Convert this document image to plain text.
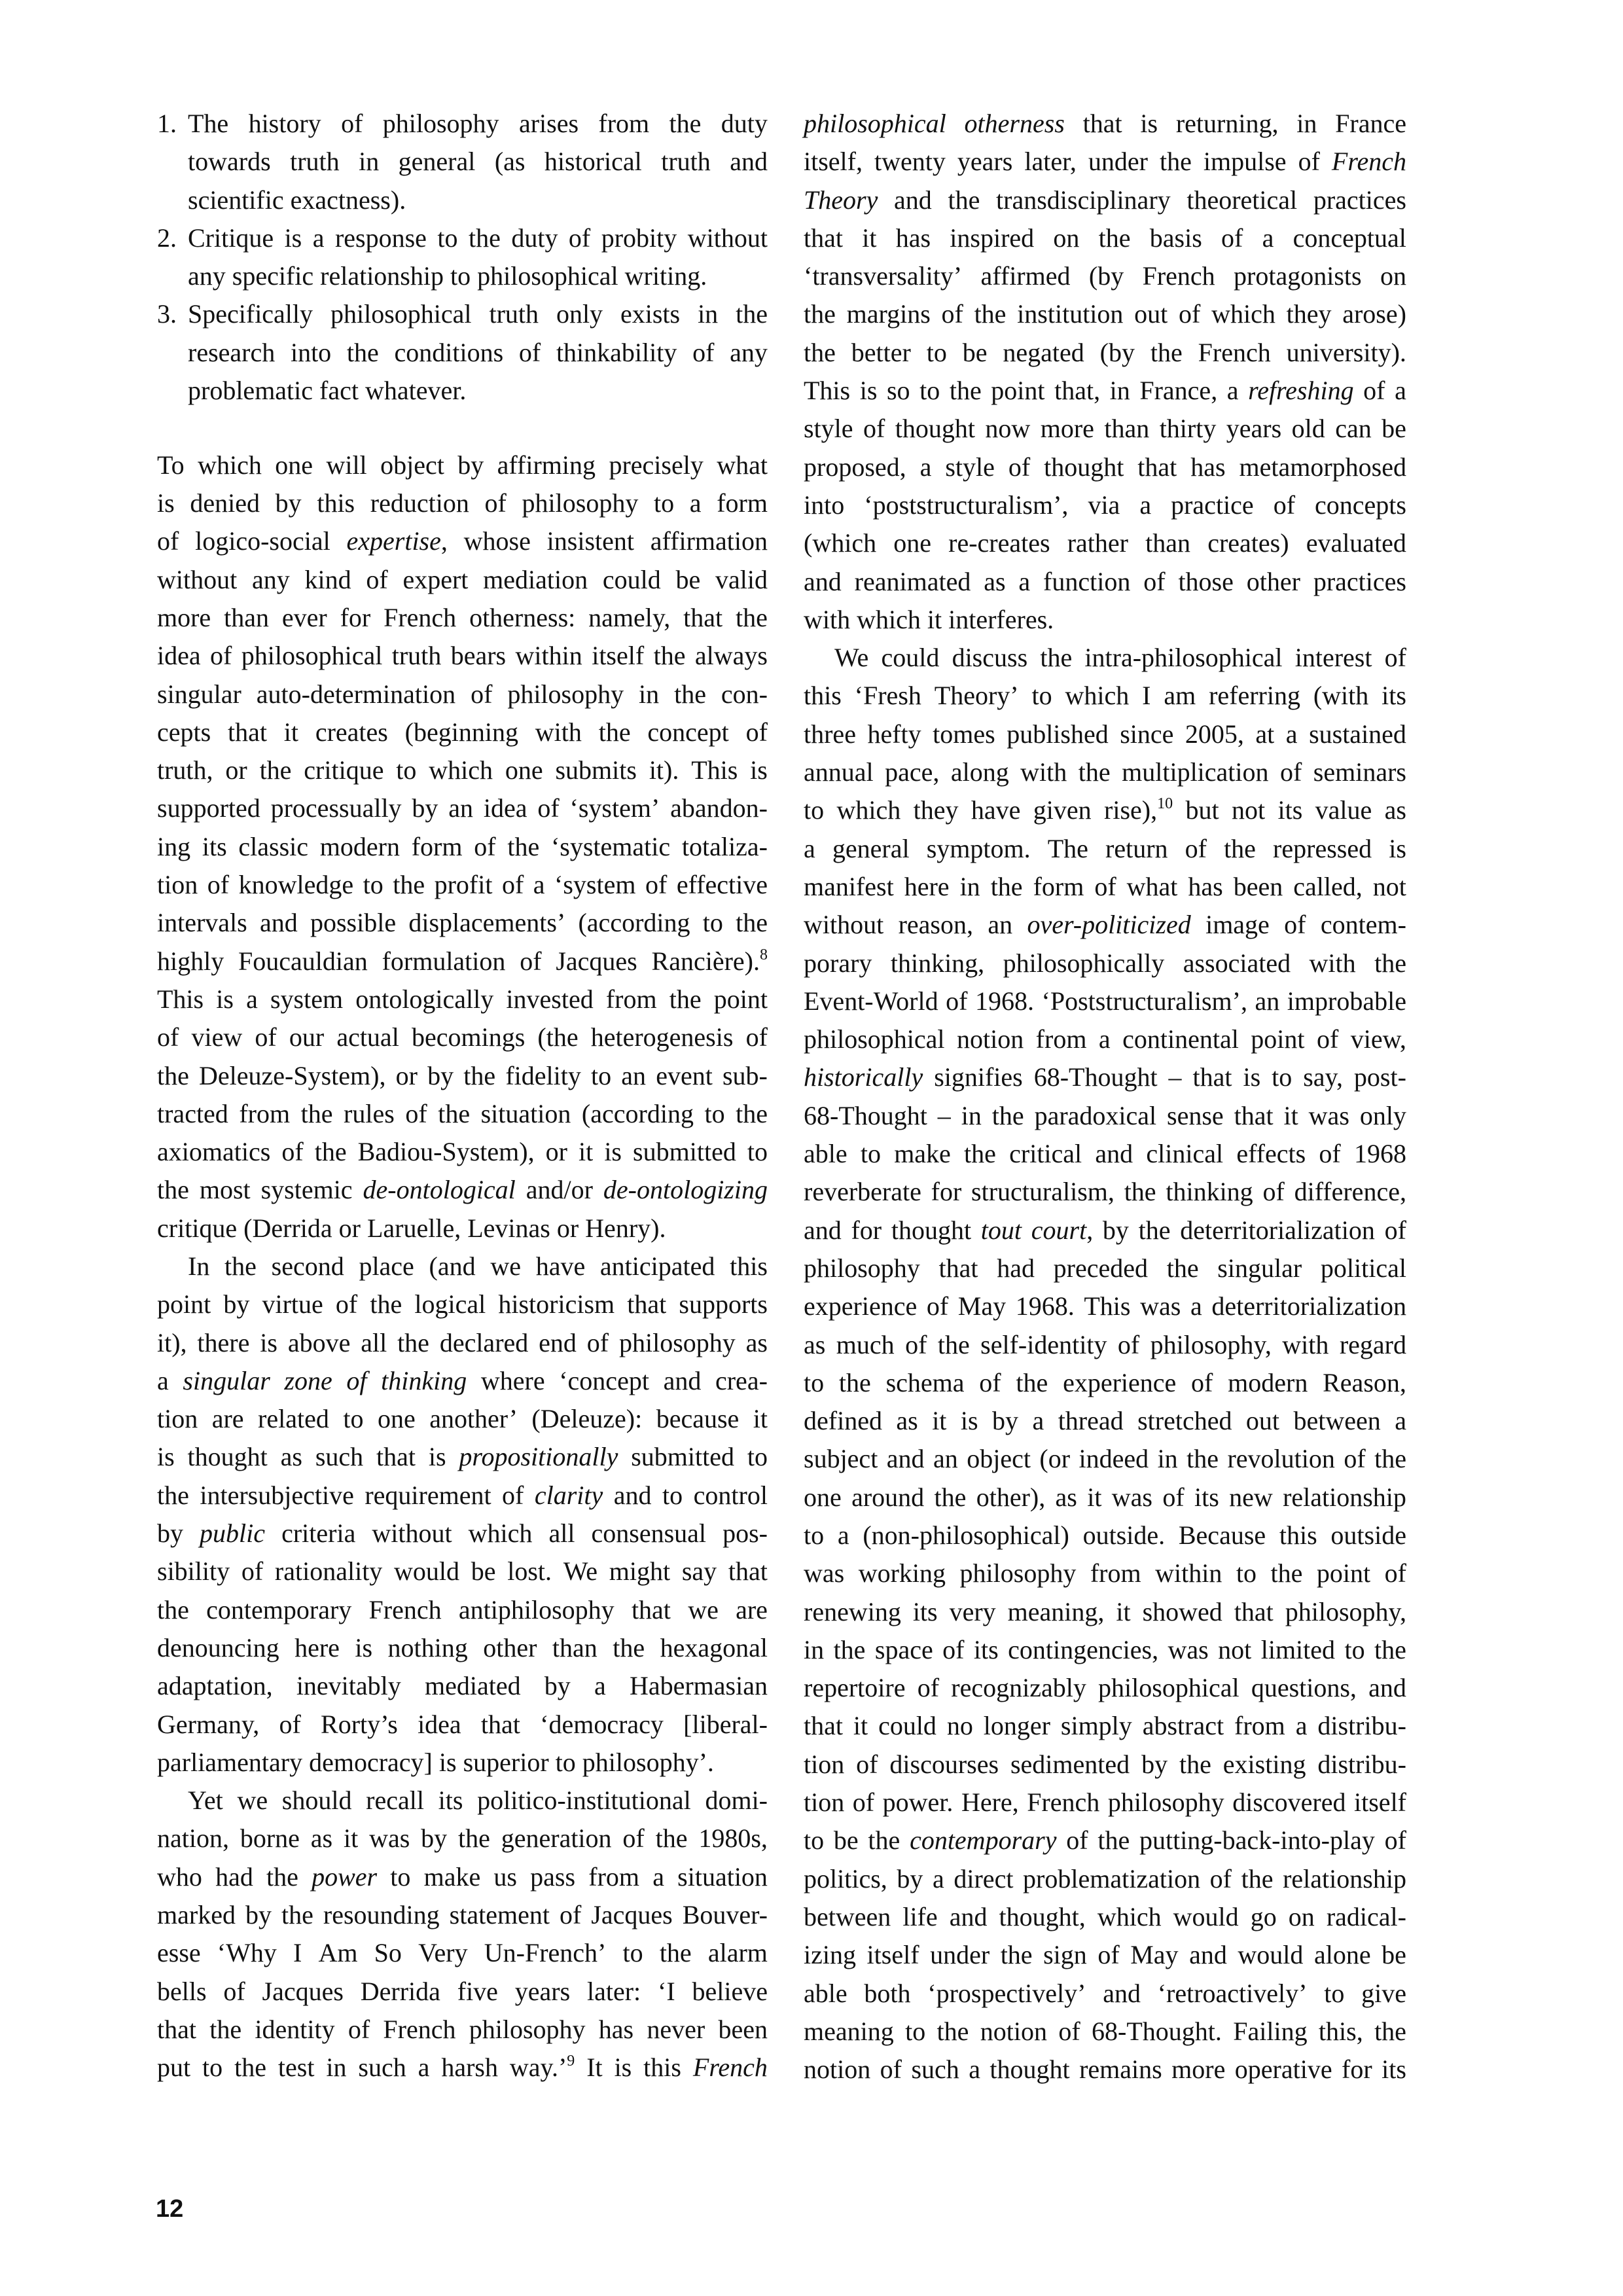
1. The history of philosophy arises from the duty
towards truth in general (as historical truth and
scientific exactness).
2. Critique is a response to the duty of probity without
any specific relationship to philosophical writing.
3. Specifically philosophical truth only exists in the
research into the conditions of thinkability of any
problematic fact whatever.
To which one will object by affirming precisely what
is denied by this reduction of philosophy to a form
of logico-social expertise, whose insistent affirmation
without any kind of expert mediation could be valid
more than ever for French otherness: namely, that the
idea of philosophical truth bears within itself the always
singular auto-determination of philosophy in the con-
cepts that it creates (beginning with the concept of
truth, or the critique to which one submits it). This is
supported processually by an idea of ‘system’ abandon-
ing its classic modern form of the ‘systematic totaliza-
tion of knowledge to the profit of a ‘system of effective
intervals and possible displacements’ (according to the
highly Foucauldian formulation of Jacques Rancière).$^8$
This is a system ontologically invested from the point
of view of our actual becomings (the heterogenesis of
the Deleuze-System), or by the fidelity to an event sub-
tracted from the rules of the situation (according to the
axiomatics of the Badiou-System), or it is submitted to
the most systemic de-ontological and/or de-ontologizing
critique (Derrida or Laruelle, Levinas or Henry).
In the second place (and we have anticipated this
point by virtue of the logical historicism that supports
it), there is above all the declared end of philosophy as
a singular zone of thinking where ‘concept and crea-
tion are related to one another’ (Deleuze): because it
is thought as such that is propositionally submitted to
the intersubjective requirement of clarity and to control
by public criteria without which all consensual pos-
sibility of rationality would be lost. We might say that
the contemporary French antiphilosophy that we are
denouncing here is nothing other than the hexagonal
adaptation, inevitably mediated by a Habermasian
Germany, of Rorty’s idea that ‘democracy [liberal-
parliamentary democracy] is superior to philosophy’.
Yet we should recall its politico-institutional domi-
nation, borne as it was by the generation of the 1980s,
who had the power to make us pass from a situation
marked by the resounding statement of Jacques Bouver-
esse ‘Why I Am So Very Un-French’ to the alarm
bells of Jacques Derrida five years later: ‘I believe
that the identity of French philosophy has never been
put to the test in such a harsh way.’$^9$ It is this French
philosophical otherness that is returning, in France
itself, twenty years later, under the impulse of French
Theory and the transdisciplinary theoretical practices
that it has inspired on the basis of a conceptual
‘transversality’ affirmed (by French protagonists on
the margins of the institution out of which they arose)
the better to be negated (by the French university).
This is so to the point that, in France, a refreshing of a
style of thought now more than thirty years old can be
proposed, a style of thought that has metamorphosed
into ‘poststructuralism’, via a practice of concepts
(which one re-creates rather than creates) evaluated
and reanimated as a function of those other practices
with which it interferes.
We could discuss the intra-philosophical interest of
this ‘Fresh Theory’ to which I am referring (with its
three hefty tomes published since 2005, at a sustained
annual pace, along with the multiplication of seminars
to which they have given rise),$^{10}$ but not its value as
a general symptom. The return of the repressed is
manifest here in the form of what has been called, not
without reason, an over-politicized image of contem-
porary thinking, philosophically associated with the
Event-World of 1968. ‘Poststructuralism’, an improbable
philosophical notion from a continental point of view,
historically signifies 68-Thought – that is to say, post-
68-Thought – in the paradoxical sense that it was only
able to make the critical and clinical effects of 1968
reverberate for structuralism, the thinking of difference,
and for thought tout court, by the deterritorialization of
philosophy that had preceded the singular political
experience of May 1968. This was a deterritorialization
as much of the self-identity of philosophy, with regard
to the schema of the experience of modern Reason,
defined as it is by a thread stretched out between a
subject and an object (or indeed in the revolution of the
one around the other), as it was of its new relationship
to a (non-philosophical) outside. Because this outside
was working philosophy from within to the point of
renewing its very meaning, it showed that philosophy,
in the space of its contingencies, was not limited to the
repertoire of recognizably philosophical questions, and
that it could no longer simply abstract from a distribu-
tion of discourses sedimented by the existing distribu-
tion of power. Here, French philosophy discovered itself
to be the contemporary of the putting-back-into-play of
politics, by a direct problematization of the relationship
between life and thought, which would go on radical-
izing itself under the sign of May and would alone be
able both ‘prospectively’ and ‘retroactively’ to give
meaning to the notion of 68-Thought. Failing this, the
notion of such a thought remains more operative for its
12
